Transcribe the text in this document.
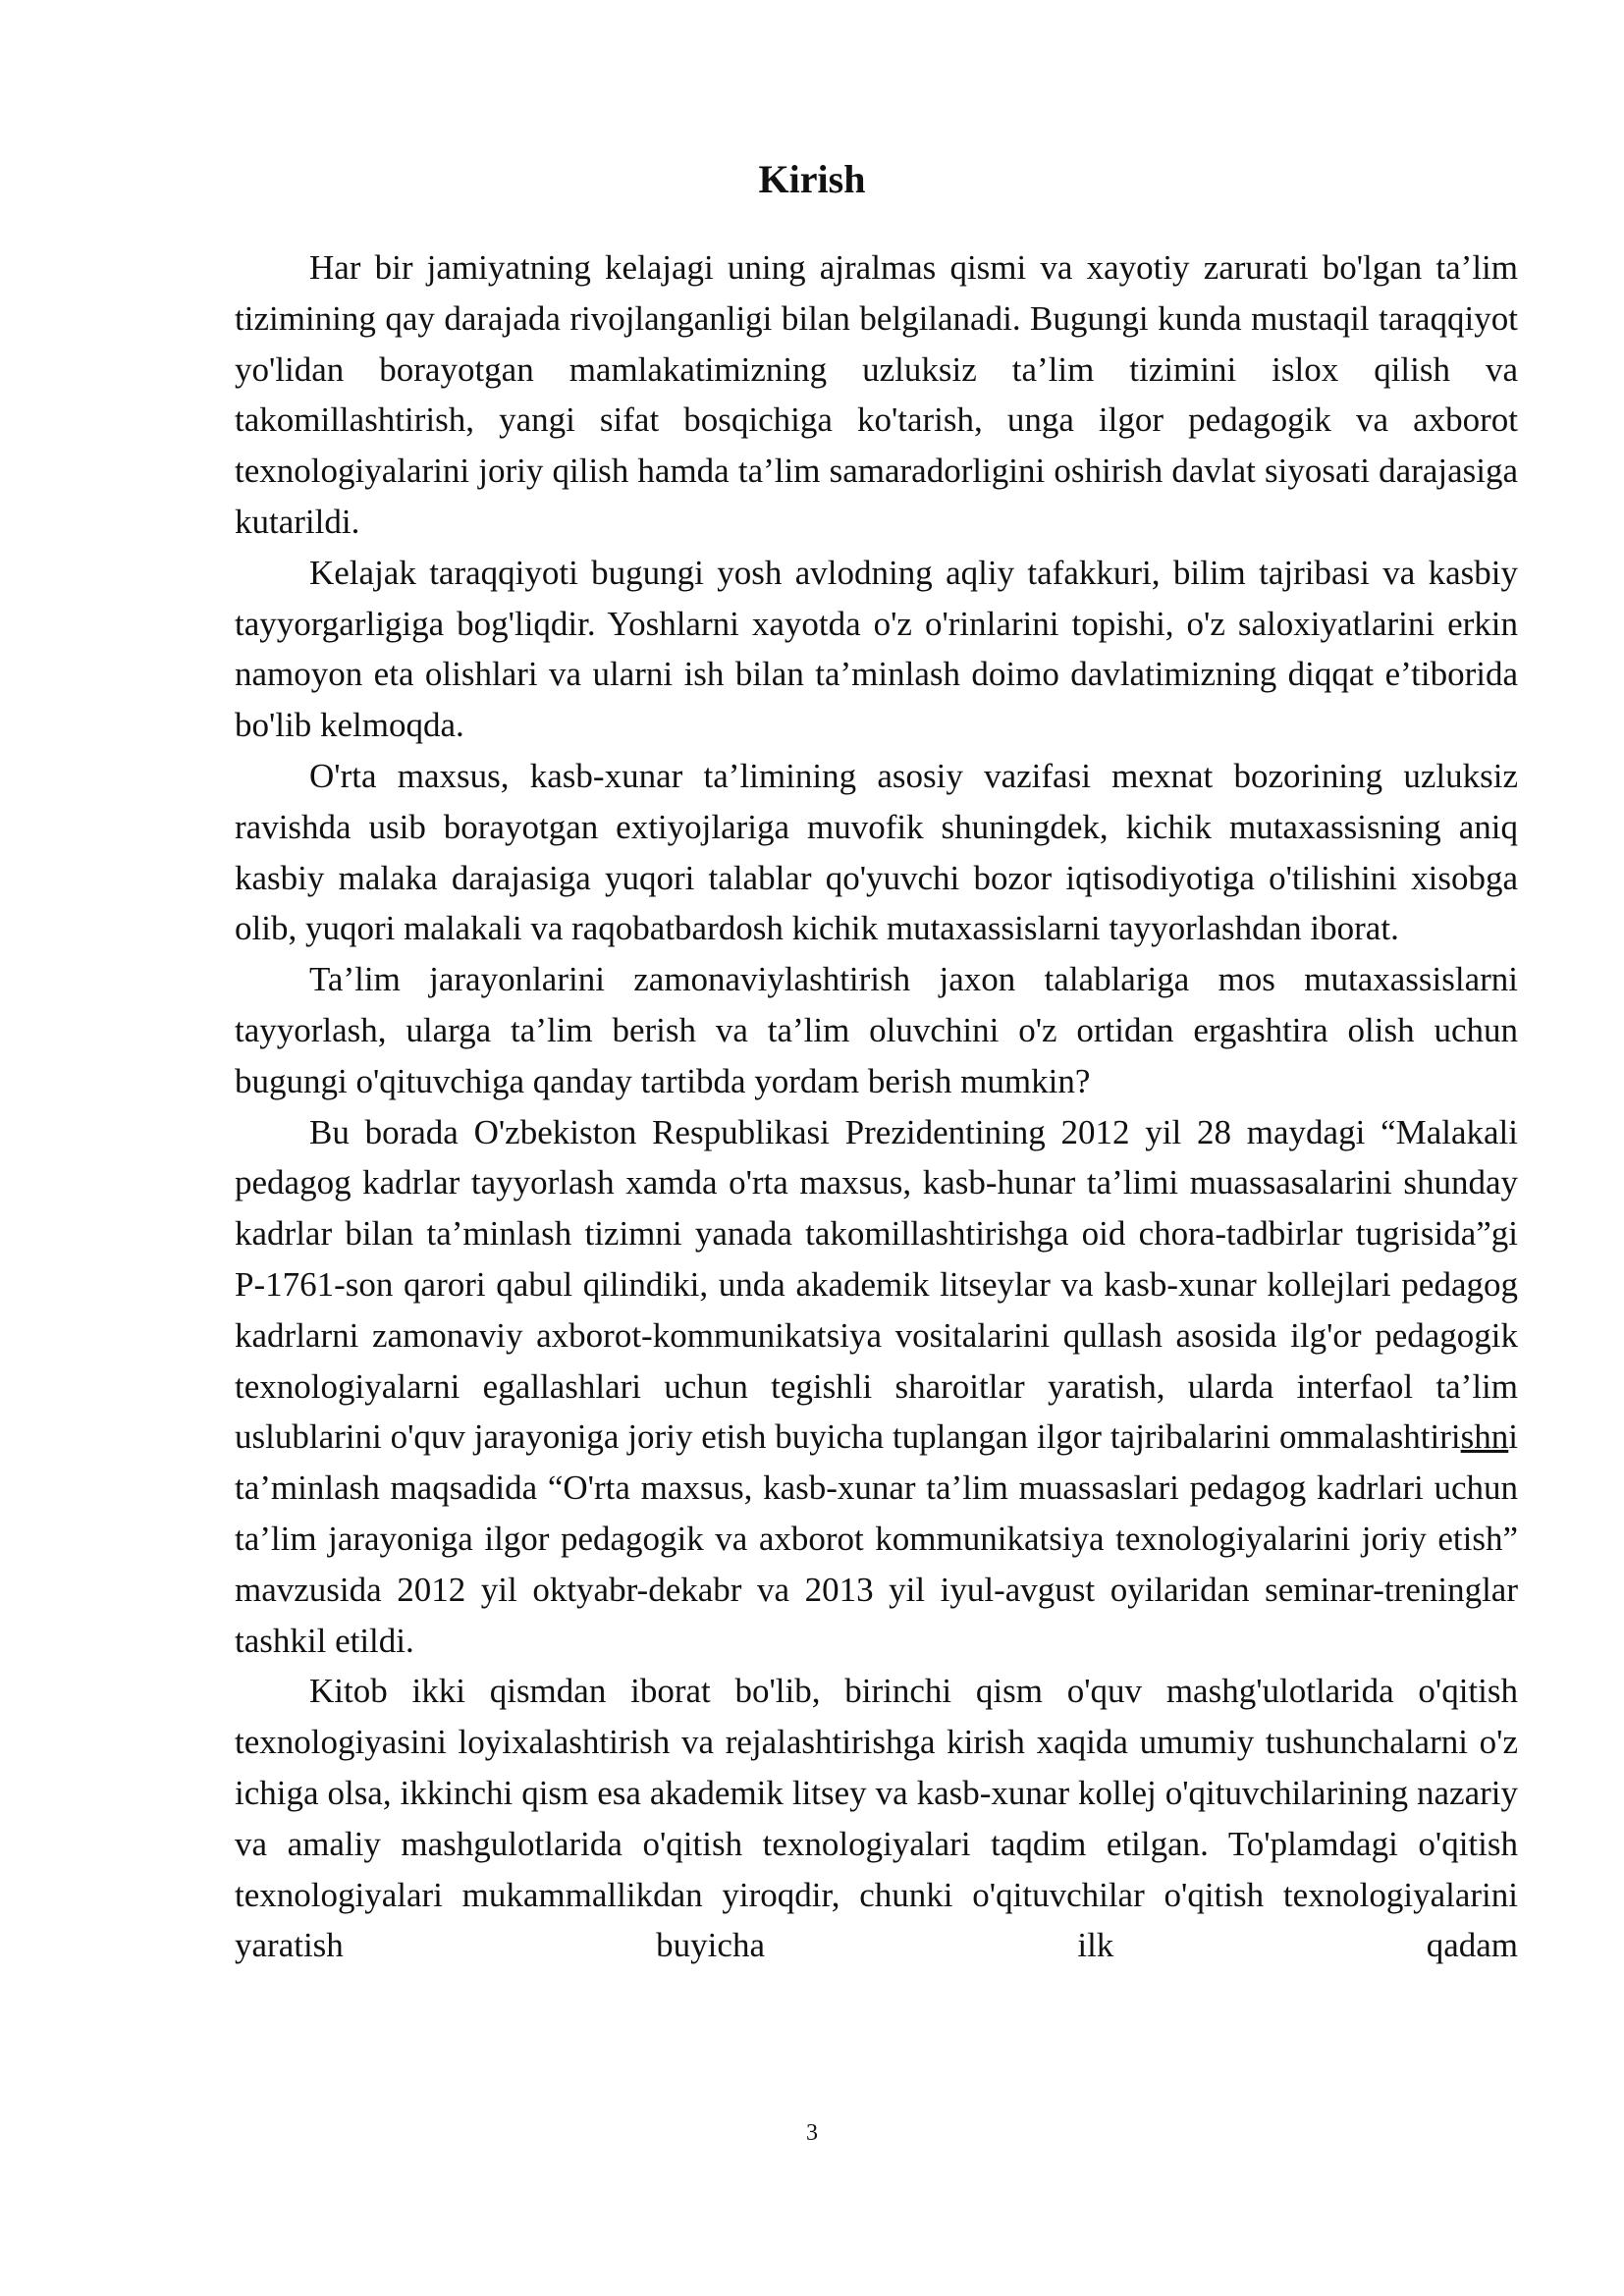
Kirish

Har bir jamiyatning kelajagi uning ajralmas qismi va xayotiy zarurati bo'lgan ta’lim tizimining qay darajada rivojlanganligi bilan belgilanadi. Bugungi kunda mustaqil taraqqiyot yo'lidan borayotgan mamlakatimizning uzluksiz ta’lim tizimini islox qilish va takomillashtirish, yangi sifat bosqichiga ko'tarish, unga ilgor pedagogik va axborot texnologiyalarini joriy qilish hamda ta’lim samaradorligini oshirish davlat siyosati darajasiga kutarildi.

Kelajak taraqqiyoti bugungi yosh avlodning aqliy tafakkuri, bilim tajribasi va kasbiy tayyorgarligiga bog'liqdir. Yoshlarni xayotda o'z o'rinlarini topishi, o'z saloxiyatlarini erkin namoyon eta olishlari va ularni ish bilan ta’minlash doimo davlatimizning diqqat e’tiborida bo'lib kelmoqda.

O'rta maxsus, kasb-xunar ta’limining asosiy vazifasi mexnat bozorining uzluksiz ravishda usib borayotgan extiyojlariga muvofik shuningdek, kichik mutaxassisning aniq kasbiy malaka darajasiga yuqori talablar qo'yuvchi bozor iqtisodiyotiga o'tilishini xisobga olib, yuqori malakali va raqobatbardosh kichik mutaxassislarni tayyorlashdan iborat.

Ta’lim jarayonlarini zamonaviylashtirish jaxon talablariga mos mutaxassislarni tayyorlash, ularga ta’lim berish va ta’lim oluvchini o'z ortidan ergashtira olish uchun bugungi o'qituvchiga qanday tartibda yordam berish mumkin?

Bu borada O'zbekiston Respublikasi Prezidentining 2012 yil 28 maydagi “Malakali pedagog kadrlar tayyorlash xamda o'rta maxsus, kasb-hunar ta’limi muassasalarini shunday kadrlar bilan ta’minlash tizimni yanada takomillashtirishga oid chora-tadbirlar tugrisida”gi P-1761-son qarori qabul qilindiki, unda akademik litseylar va kasb-xunar kollejlari pedagog kadrlarni zamonaviy axborot-kommunikatsiya vositalarini qullash asosida ilg'or pedagogik texnologiyalarni egallashlari uchun tegishli sharoitlar yaratish, ularda interfaol ta’lim uslublarini o'quv jarayoniga joriy etish buyicha tuplangan ilgor tajribalarini ommalashtirishni ta’minlash maqsadida “O'rta maxsus, kasb-xunar ta’lim muassaslari pedagog kadrlari uchun ta’lim jarayoniga ilgor pedagogik va axborot kommunikatsiya texnologiyalarini joriy etish” mavzusida 2012 yil oktyabr-dekabr va 2013 yil iyul-avgust oyilaridan seminar-treninglar tashkil etildi.

Kitob ikki qismdan iborat bo'lib, birinchi qism o'quv mashg'ulotlarida o'qitish texnologiyasini loyixalashtirish va rejalashtirishga kirish xaqida umumiy tushunchalarni o'z ichiga olsa, ikkinchi qism esa akademik litsey va kasb-xunar kollej o'qituvchilarining nazariy va amaliy mashgulotlarida o'qitish texnologiyalari taqdim etilgan. To'plamdagi o'qitish texnologiyalari mukammallikdan yiroqdir, chunki o'qituvchilar o'qitish texnologiyalarini yaratish buyicha ilk qadam

3
